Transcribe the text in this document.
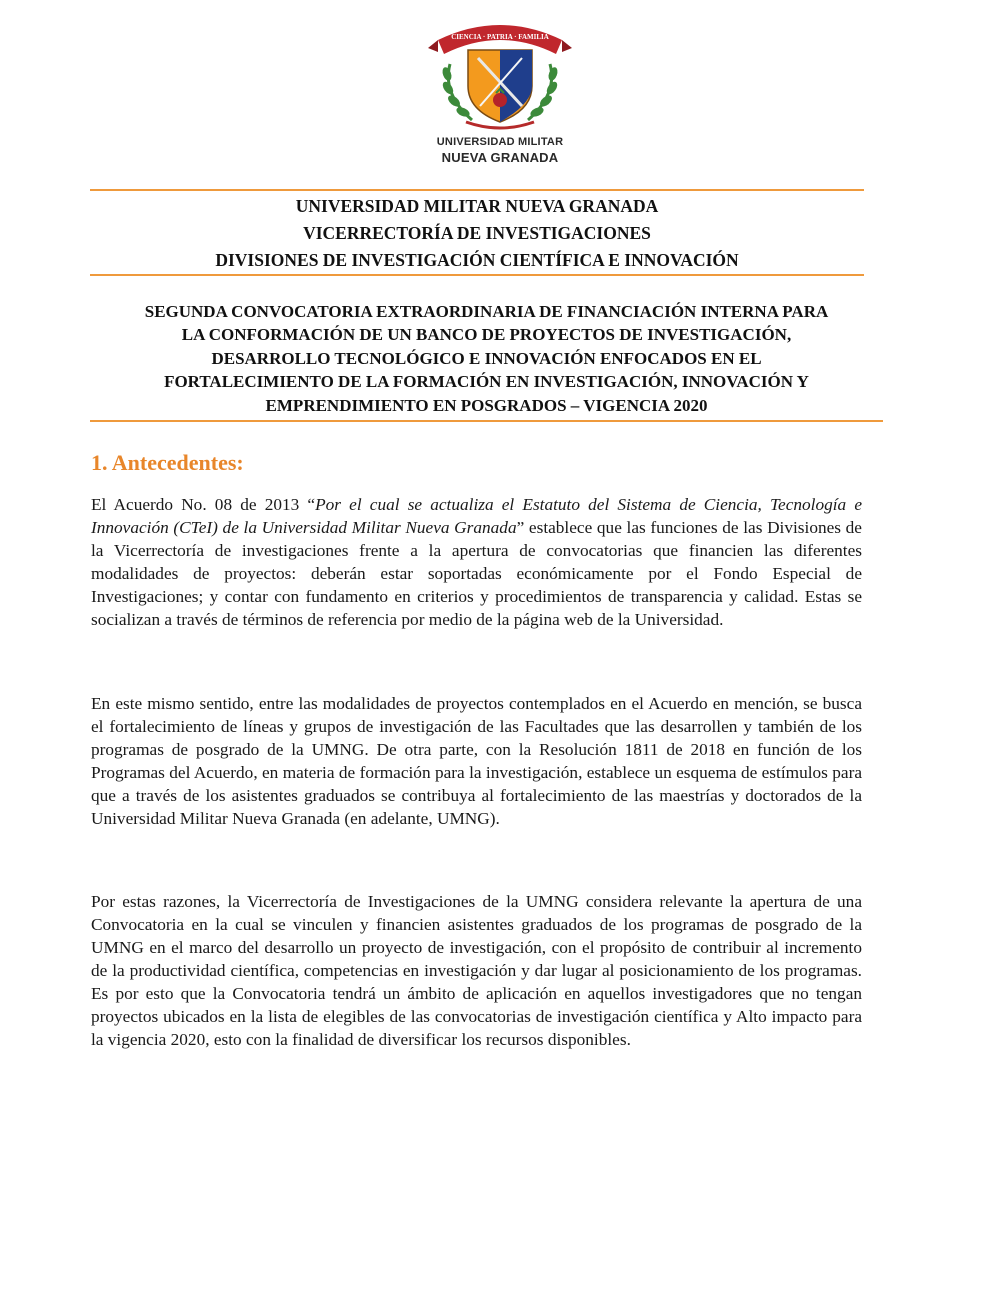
CIENCIA · PATRIA · FAMILIA
UNIVERSIDAD MILITAR
NUEVA GRANADA
UNIVERSIDAD MILITAR NUEVA GRANADA
VICERRECTORÍA DE INVESTIGACIONES
DIVISIONES DE INVESTIGACIÓN CIENTÍFICA E INNOVACIÓN
SEGUNDA CONVOCATORIA EXTRAORDINARIA DE FINANCIACIÓN INTERNA PARA
LA CONFORMACIÓN DE UN BANCO DE PROYECTOS DE INVESTIGACIÓN,
DESARROLLO TECNOLÓGICO E INNOVACIÓN ENFOCADOS EN EL
FORTALECIMIENTO DE LA FORMACIÓN EN INVESTIGACIÓN, INNOVACIÓN Y
EMPRENDIMIENTO EN POSGRADOS – VIGENCIA 2020
1. Antecedentes:
El Acuerdo No. 08 de 2013 “Por el cual se actualiza el Estatuto del Sistema de Ciencia, Tecnología e Innovación (CTeI) de la Universidad Militar Nueva Granada” establece que las funciones de las Divisiones de la Vicerrectoría de investigaciones frente a la apertura de convocatorias que financien las diferentes modalidades de proyectos: deberán estar soportadas económicamente por el Fondo Especial de Investigaciones; y contar con fundamento en criterios y procedimientos de transparencia y calidad. Estas se socializan a través de términos de referencia por medio de la página web de la Universidad.
En este mismo sentido, entre las modalidades de proyectos contemplados en el Acuerdo en mención, se busca el fortalecimiento de líneas y grupos de investigación de las Facultades que las desarrollen y también de los programas de posgrado de la UMNG. De otra parte, con la Resolución 1811 de 2018 en función de los Programas del Acuerdo, en materia de formación para la investigación, establece un esquema de estímulos para que a través de los asistentes graduados se contribuya al fortalecimiento de las maestrías y doctorados de la Universidad Militar Nueva Granada (en adelante, UMNG).
Por estas razones, la Vicerrectoría de Investigaciones de la UMNG considera relevante la apertura de una Convocatoria en la cual se vinculen y financien asistentes graduados de los programas de posgrado de la UMNG en el marco del desarrollo un proyecto de investigación, con el propósito de contribuir al incremento de la productividad científica, competencias en investigación y dar lugar al posicionamiento de los programas. Es por esto que la Convocatoria tendrá un ámbito de aplicación en aquellos investigadores que no tengan proyectos ubicados en la lista de elegibles de las convocatorias de investigación científica y Alto impacto para la vigencia 2020, esto con la finalidad de diversificar los recursos disponibles.
